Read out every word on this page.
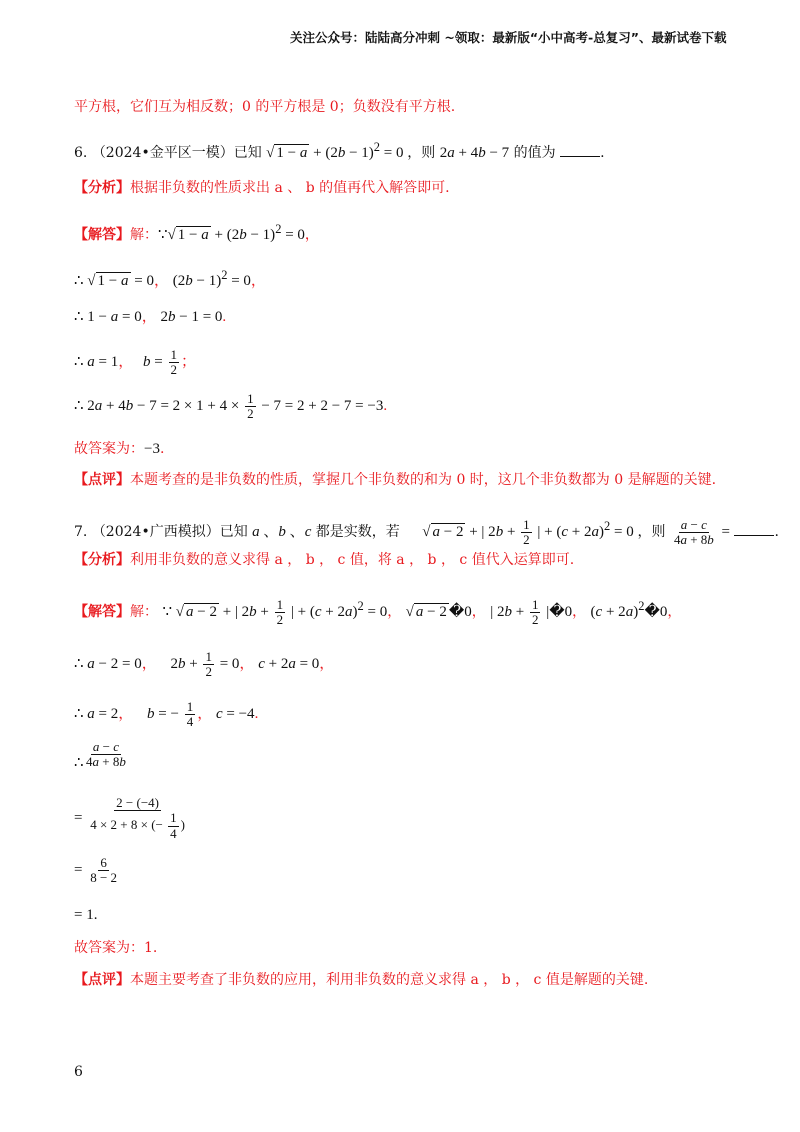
关注公众号：陆陆高分冲刺 ~领取：最新版“小中高考-总复习”、最新试卷下载
平方根，它们互为相反数；0 的平方根是 0；负数没有平方根.
6. （2024•金平区一模）已知 √ $1 - a + (2b - 1)^2 = 0$ ，则 2a + 4b − 7 的值为	.
【分析】根据非负数的性质求出 a 、 b 的值再代入解答即可.
【解答】解：∵√ $1 - a + (2b - 1)^2 = 0$，
∴ √ 1 − a = 0， $(2b - 1)^2 = 0$，
∴ 1 − a = 0， 2b − 1 = 0.
∴ a = 1， $b = \frac{1}{2}$ ；
∴ $2a + 4b - 7 = 2 \times 1 + 4 \times \frac{1}{2} - 7 = 2 + 2 - 7 = -3$.
故答案为：−3.
【点评】本题考查的是非负数的性质，掌握几个非负数的和为 0 时，这几个非负数都为 0 是解题的关键.
7. （2024•广西模拟）已知 a 、b 、c 都是实数，若 √ a − 2 + | $2b + \frac{1}{2}$ | + $(c + 2a)^2 = 0$ ，则 $\frac{a - c}{4a + 8b}$ =	.
【分析】利用非负数的意义求得 a ， b ， c 值，将 a ， b ， c 值代入运算即可.
【解答】解： ∵ √ a − 2 + | $2b + \frac{1}{2}$ | + $(c + 2a)^2 = 0$， √ a − 2 �0， | $2b + \frac{1}{2}$ |�0， $(c + 2a)^2�0$，
∴ a − 2 = 0， $2b + \frac{1}{2} = 0$， c + 2a = 0，
∴ a = 2， b = − $\frac{1}{4}$ ， c = −4.
$\frac{a - c}{4a + 8b}$
∴
= $\frac{2 - (-4)}{4 \times 2 + 8 \times (- \frac{1}{4} )}$
= $\frac{6}{8 - 2}$
= 1.
故答案为：1.
【点评】本题主要考查了非负数的应用，利用非负数的意义求得 a ， b ， c 值是解题的关键.
6
